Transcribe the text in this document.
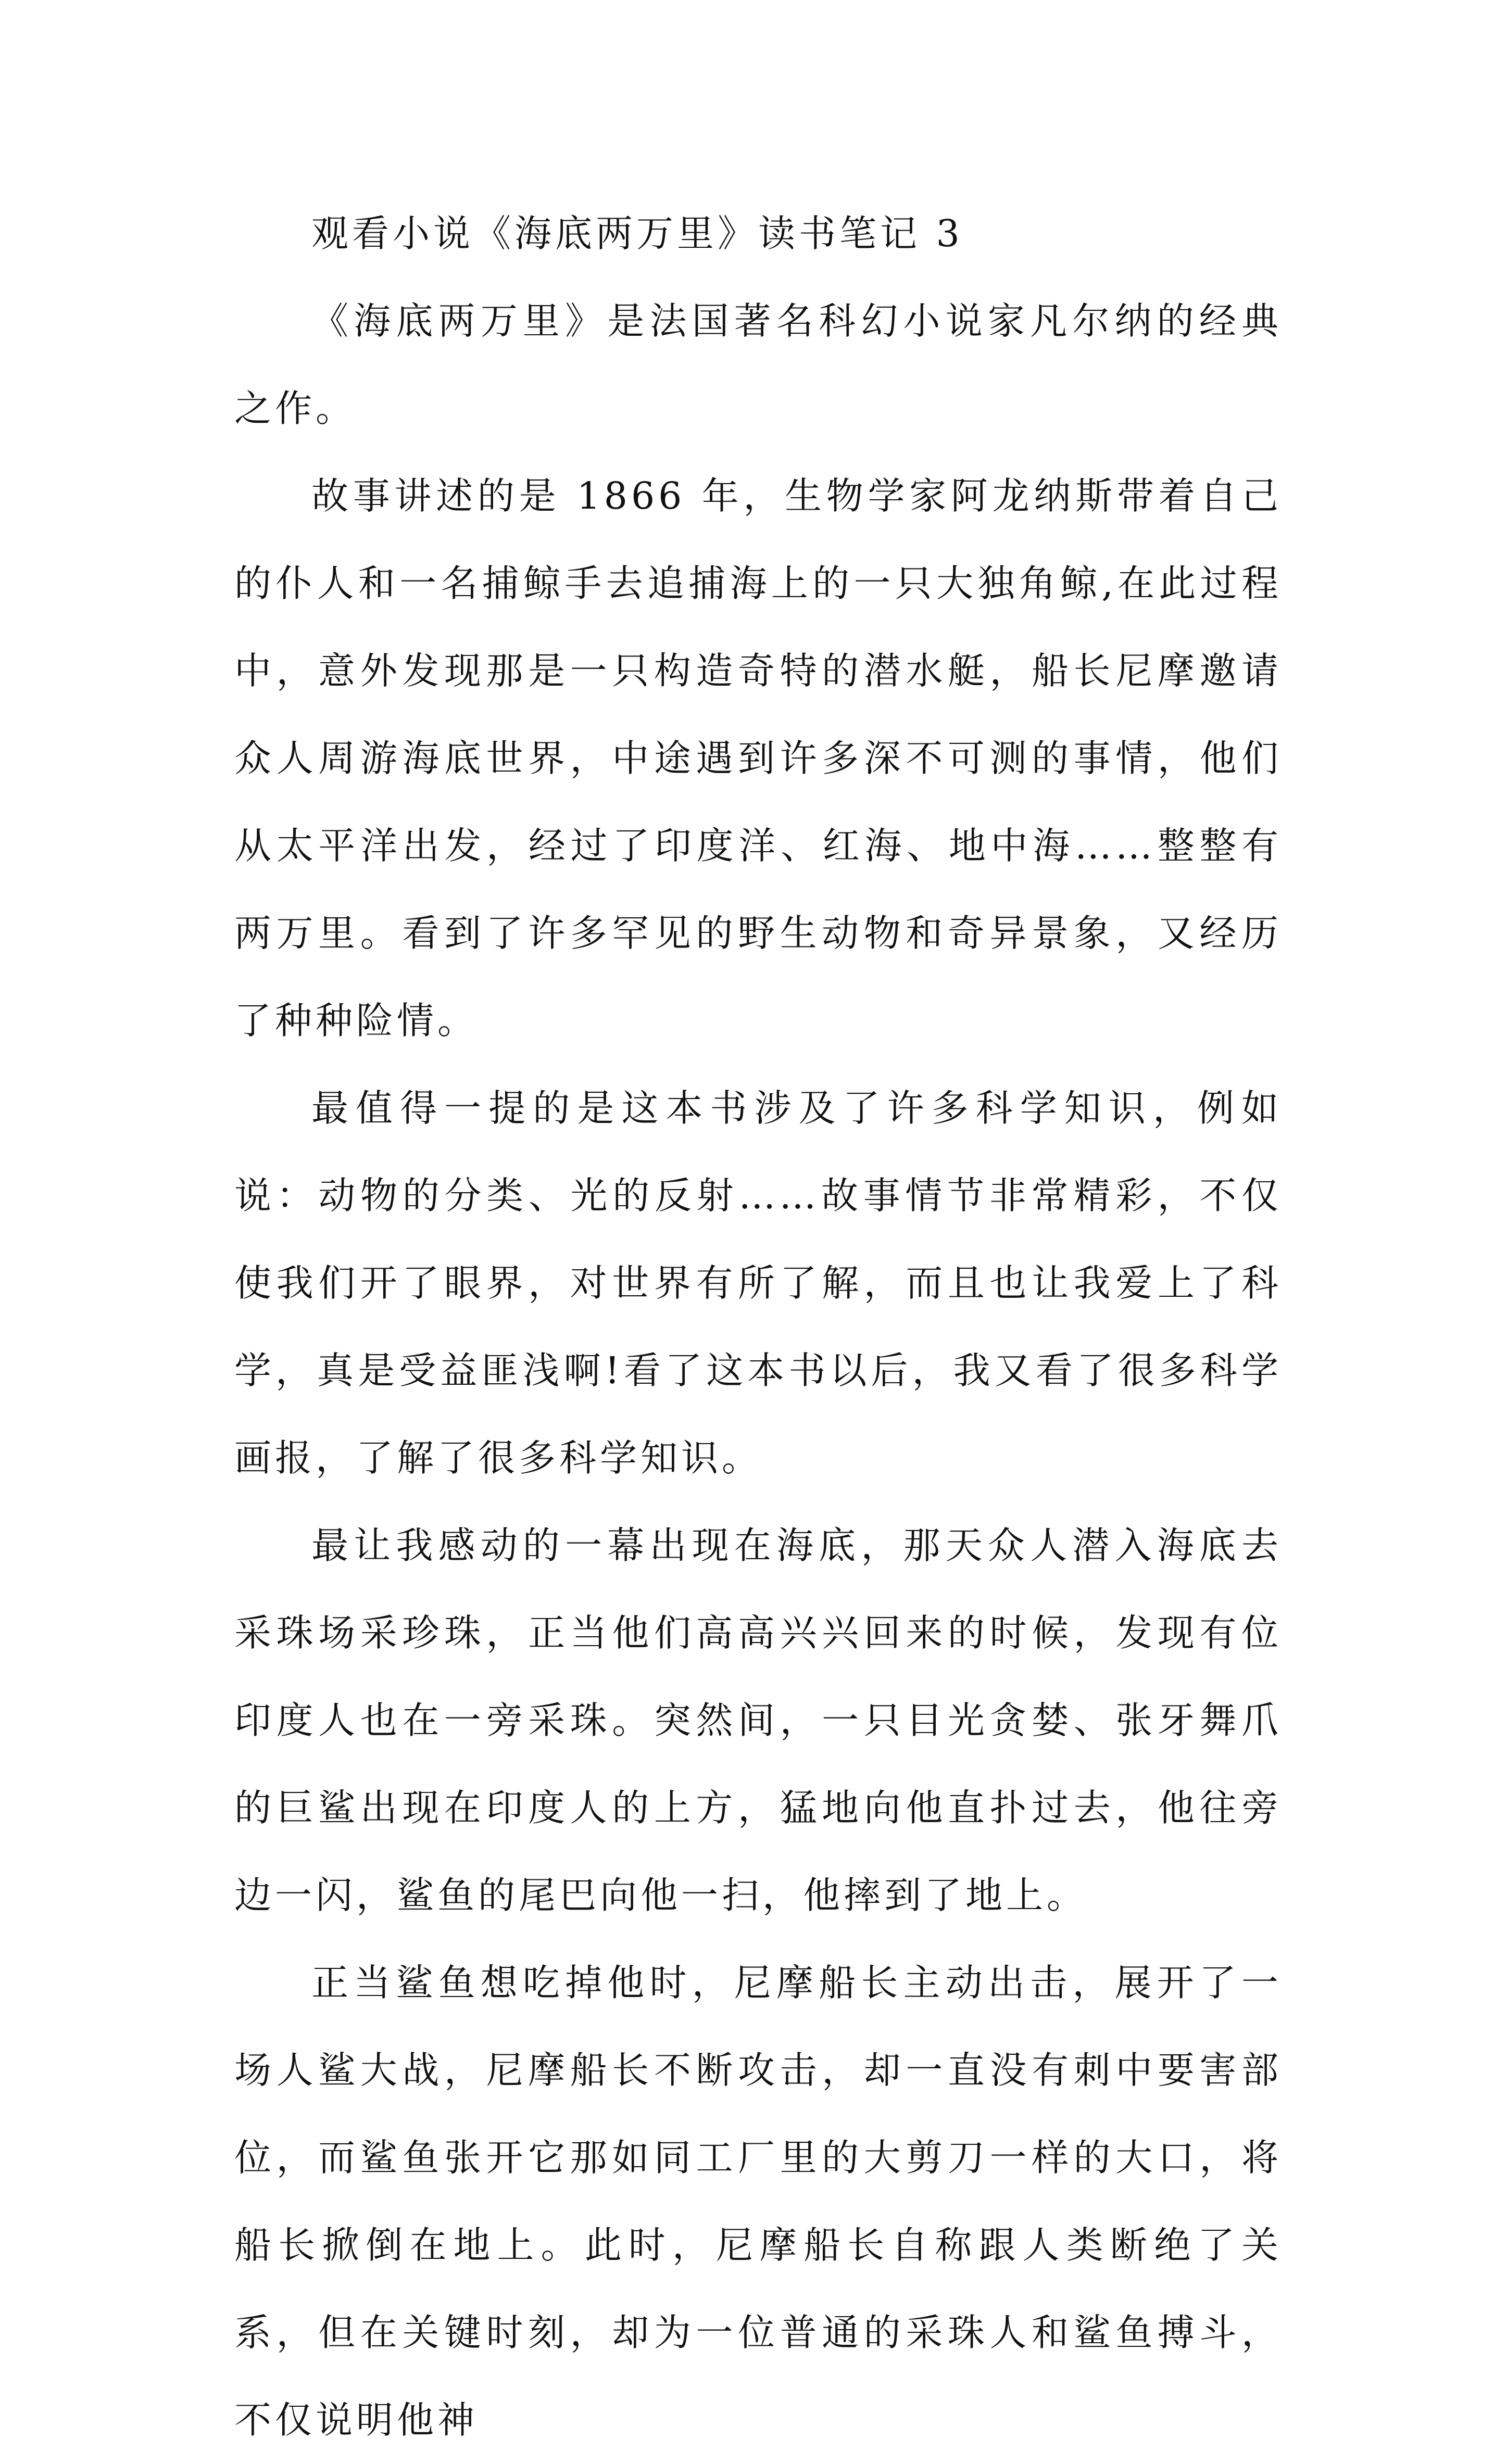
观看小说《海底两万里》读书笔记 3

《海底两万里》是法国著名科幻小说家凡尔纳的经典之作。

故事讲述的是 1866 年，生物学家阿龙纳斯带着自己的仆人和一名捕鲸手去追捕海上的一只大独角鲸,在此过程中，意外发现那是一只构造奇特的潜水艇，船长尼摩邀请众人周游海底世界，中途遇到许多深不可测的事情，他们从太平洋出发，经过了印度洋、红海、地中海……整整有两万里。看到了许多罕见的野生动物和奇异景象，又经历了种种险情。

最值得一提的是这本书涉及了许多科学知识，例如说：动物的分类、光的反射……故事情节非常精彩，不仅使我们开了眼界，对世界有所了解，而且也让我爱上了科学，真是受益匪浅啊!看了这本书以后，我又看了很多科学画报，了解了很多科学知识。

最让我感动的一幕出现在海底，那天众人潜入海底去采珠场采珍珠，正当他们高高兴兴回来的时候，发现有位印度人也在一旁采珠。突然间，一只目光贪婪、张牙舞爪的巨鲨出现在印度人的上方，猛地向他直扑过去，他往旁边一闪，鲨鱼的尾巴向他一扫，他摔到了地上。

正当鲨鱼想吃掉他时，尼摩船长主动出击，展开了一场人鲨大战，尼摩船长不断攻击，却一直没有刺中要害部位，而鲨鱼张开它那如同工厂里的大剪刀一样的大口，将船长掀倒在地上。此时，尼摩船长自称跟人类断绝了关系，但在关键时刻，却为一位普通的采珠人和鲨鱼搏斗，不仅说明他神
